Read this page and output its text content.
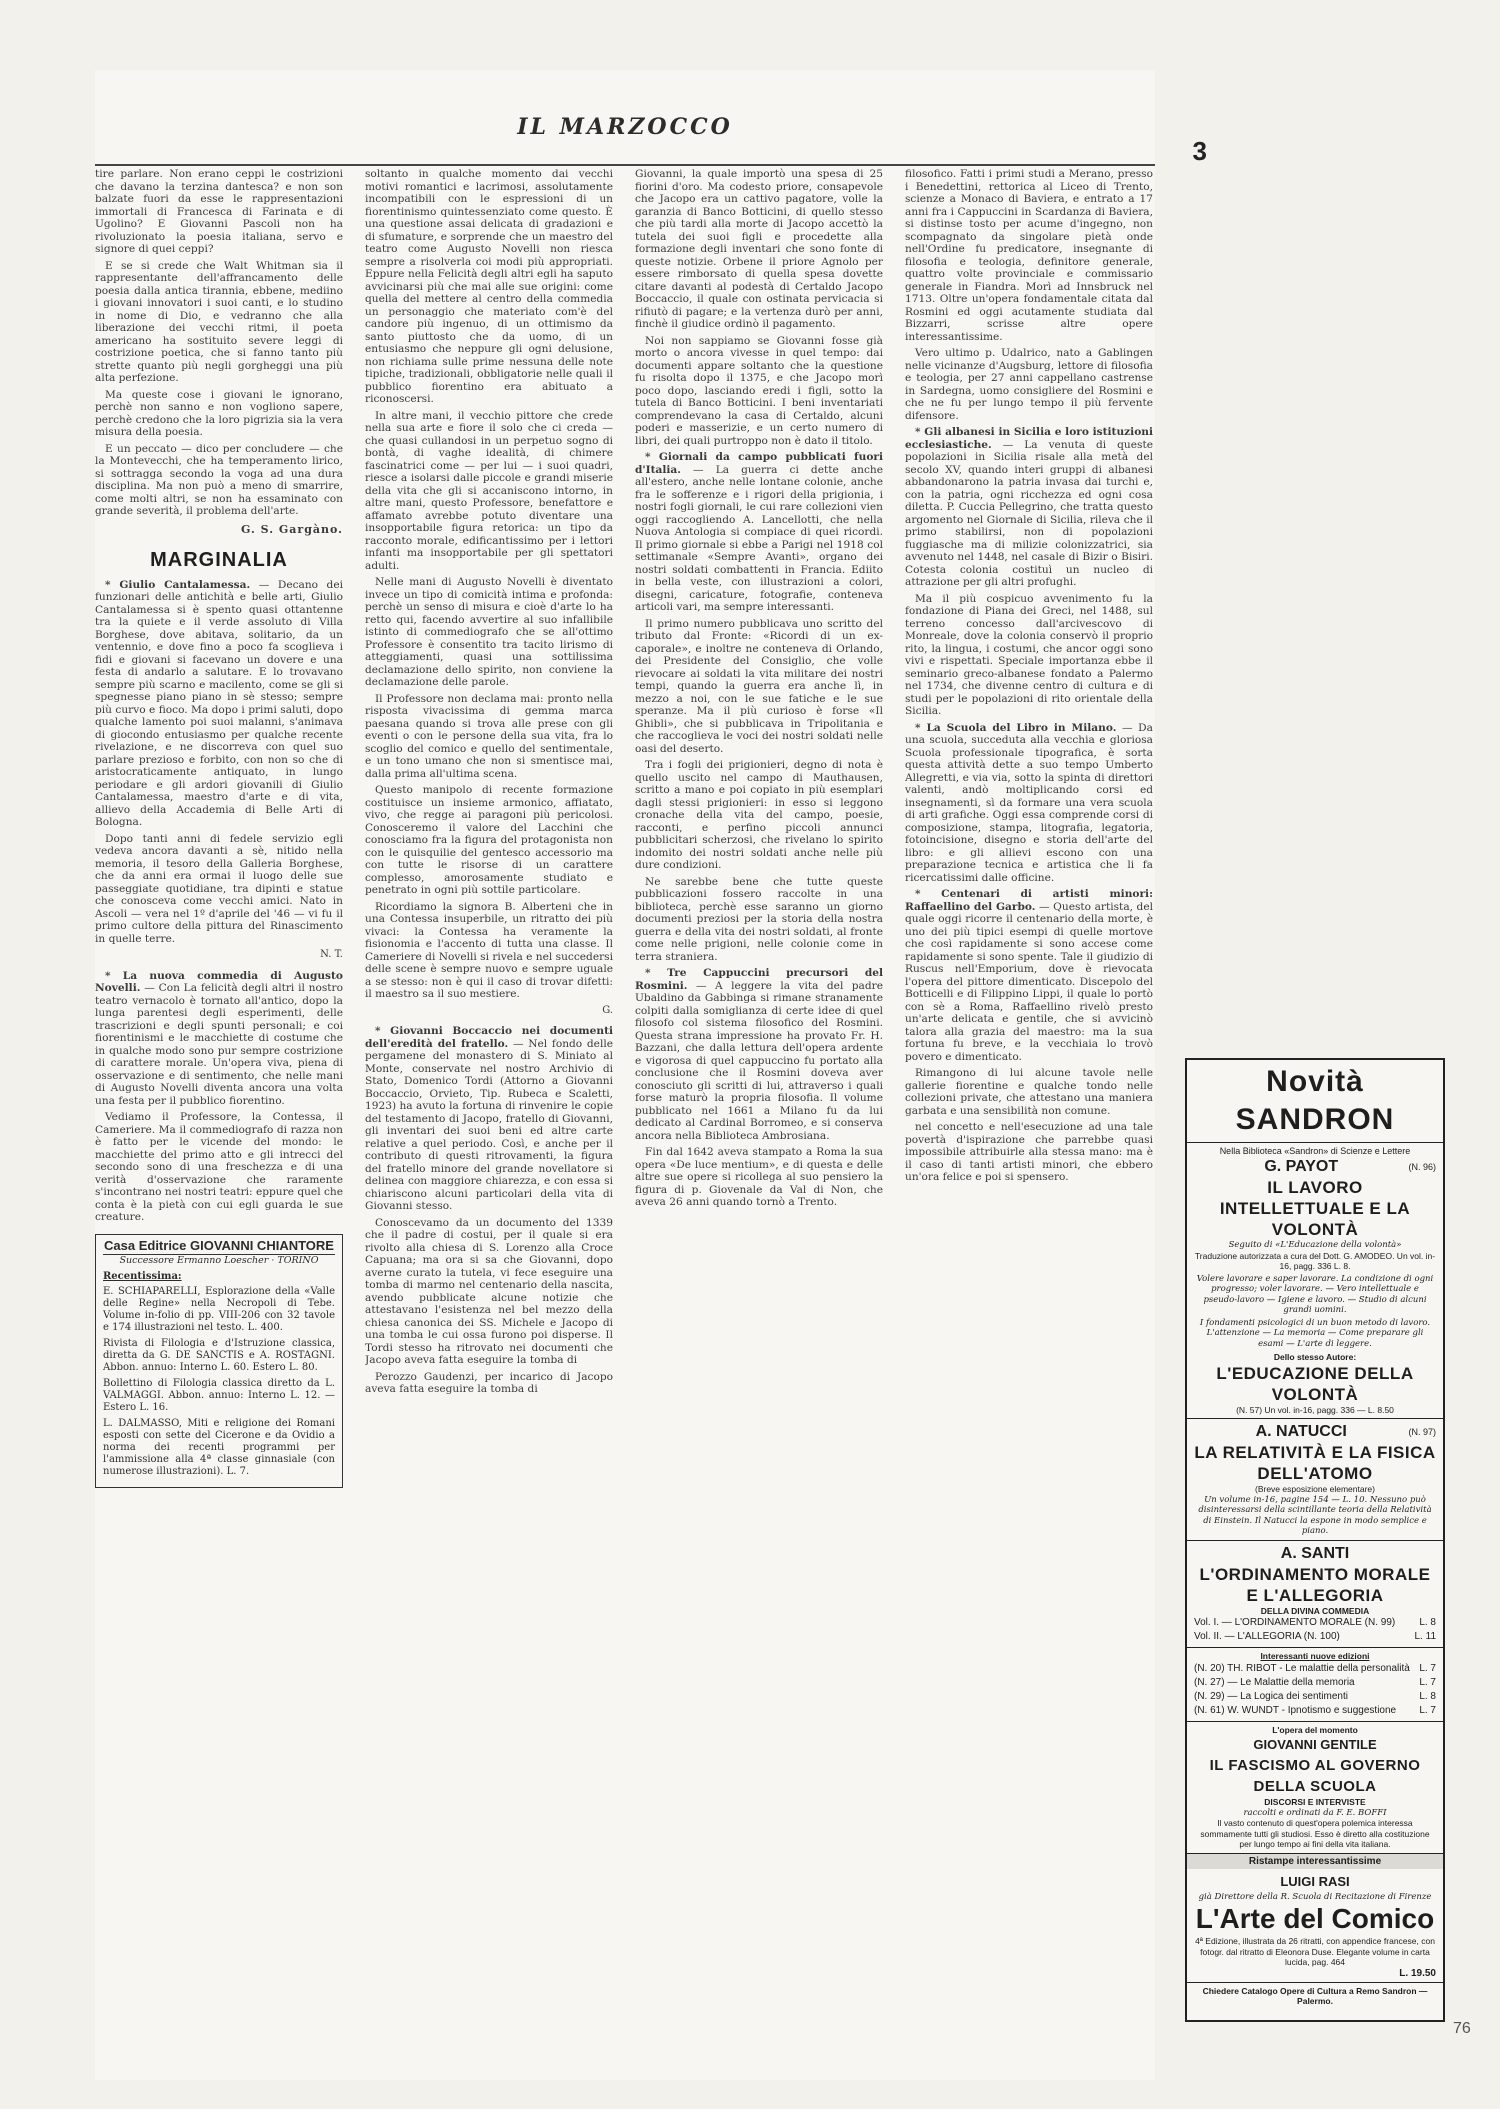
IL MARZOCCO
3

tire parlare. Non erano ceppi le costrizioni che davano la terzina dantesca? e non son balzate fuori da esse le rappresentazioni immortali di Francesca di Farinata e di Ugolino? E Giovanni Pascoli non ha rivoluzionato la poesia italiana, servo e signore di quei ceppi?

E se si crede che Walt Whitman sia il rappresentante dell'affrancamento delle poesia dalla antica tirannia, ebbene, mediino i giovani innovatori i suoi canti, e lo studino in nome di Dio, e vedranno che alla liberazione dei vecchi ritmi, il poeta americano ha sostituito severe leggi di costrizione poetica, che si fanno tanto più strette quanto più negli gorgheggi una più alta perfezione.

Ma queste cose i giovani le ignorano, perchè non sanno e non vogliono sapere, perchè credono che la loro pigrizia sia la vera misura della poesia.

E un peccato — dico per concludere — che la Montevecchi, che ha temperamento lirico, si sottragga secondo la voga ad una dura disciplina. Ma non può a meno di smarrire, come molti altri, se non ha essaminato con grande severità, il problema dell'arte.

G. S. Gargàno.
MARGINALIA

* Giulio Cantalamessa. — Decano dei funzionari delle antichità e belle arti, Giulio Cantalamessa si è spento quasi ottantenne tra la quiete e il verde assoluto di Villa Borghese, dove abitava, solitario, da un ventennio, e dove fino a poco fa scoglieva i fidi e giovani si facevano un dovere e una festa di andarlo a salutare. E lo trovavano sempre più scarno e macilento, come se gli si spegnesse piano piano in sè stesso; sempre più curvo e fioco. Ma dopo i primi saluti, dopo qualche lamento poi suoi malanni, s'animava di giocondo entusiasmo per qualche recente rivelazione, e ne discorreva con quel suo parlare prezioso e forbito, con non so che di aristocraticamente antiquato, in lungo periodare e gli ardori giovanili di Giulio Cantalamessa, maestro d'arte e di vita, allievo della Accademia di Belle Arti di Bologna.

Dopo tanti anni di fedele servizio egli vedeva ancora davanti a sè, nitido nella memoria, il tesoro della Galleria Borghese, che da anni era ormai il luogo delle sue passeggiate quotidiane, tra dipinti e statue che conosceva come vecchi amici. Nato in Ascoli — vera nel 1º d'aprile del '46 — vi fu il primo cultore della pittura del Rinascimento in quelle terre.

N. T.

* La nuova commedia di Augusto Novelli. — Con La felicità degli altri il nostro teatro vernacolo è tornato all'antico, dopo la lunga parentesi degli esperimenti, delle trascrizioni e degli spunti personali; e coi fiorentinismi e le macchiette di costume che in qualche modo sono pur sempre costrizione di carattere morale. Un'opera viva, piena di osservazione e di sentimento, che nelle mani di Augusto Novelli diventa ancora una volta una festa per il pubblico fiorentino.

Vediamo il Professore, la Contessa, il Cameriere. Ma il commediografo di razza non è fatto per le vicende del mondo: le macchiette del primo atto e gli intrecci del secondo sono di una freschezza e di una verità d'osservazione che raramente s'incontrano nei nostri teatri: eppure quel che conta è la pietà con cui egli guarda le sue creature.

Casa Editrice GIOVANNI CHIANTORE
Successore Ermanno Loescher · TORINO
Recentissima:

E. SCHIAPARELLI, Esplorazione della «Valle delle Regine» nella Necropoli di Tebe. Volume in-folio di pp. VIII-206 con 32 tavole e 174 illustrazioni nel testo. L. 400.

Rivista di Filologia e d'Istruzione classica, diretta da G. DE SANCTIS e A. ROSTAGNI. Abbon. annuo: Interno L. 60. Estero L. 80.

Bollettino di Filologia classica diretto da L. VALMAGGI. Abbon. annuo: Interno L. 12. — Estero L. 16.

L. DALMASSO, Miti e religione dei Romani esposti con sette del Cicerone e da Ovidio a norma dei recenti programmi per l'ammissione alla 4ª classe ginnasiale (con numerose illustrazioni). L. 7.

soltanto in qualche momento dai vecchi motivi romantici e lacrimosi, assolutamente incompatibili con le espressioni di un fiorentinismo quintessenziato come questo. È una questione assai delicata di gradazioni e di sfumature, e sorprende che un maestro del teatro come Augusto Novelli non riesca sempre a risolverla coi modi più appropriati. Eppure nella Felicità degli altri egli ha saputo avvicinarsi più che mai alle sue origini: come quella del mettere al centro della commedia un personaggio che materiato com'è del candore più ingenuo, di un ottimismo da santo piuttosto che da uomo, di un entusiasmo che neppure gli ogni delusione, non richiama sulle prime nessuna delle note tipiche, tradizionali, obbligatorie nelle quali il pubblico fiorentino era abituato a riconoscersi.

In altre mani, il vecchio pittore che crede nella sua arte e fiore il solo che ci creda — che quasi cullandosi in un perpetuo sogno di bontà, di vaghe idealità, di chimere fascinatrici come — per lui — i suoi quadri, riesce a isolarsi dalle piccole e grandi miserie della vita che gli si accaniscono intorno, in altre mani, questo Professore, benefattore e affamato avrebbe potuto diventare una insopportabile figura retorica: un tipo da racconto morale, edificantissimo per i lettori infanti ma insopportabile per gli spettatori adulti.

Nelle mani di Augusto Novelli è diventato invece un tipo di comicità intima e profonda: perchè un senso di misura e cioè d'arte lo ha retto qui, facendo avvertire al suo infallibile istinto di commediografo che se all'ottimo Professore è consentito tra tacito lirismo di atteggiamenti, quasi una sottilissima declamazione dello spirito, non conviene la declamazione delle parole.

Il Professore non declama mai: pronto nella risposta vivacissima di gemma marca paesana quando si trova alle prese con gli eventi o con le persone della sua vita, fra lo scoglio del comico e quello del sentimentale, e un tono umano che non si smentisce mai, dalla prima all'ultima scena.

Questo manipolo di recente formazione costituisce un insieme armonico, affiatato, vivo, che regge ai paragoni più pericolosi. Conosceremo il valore del Lacchini che conosciamo fra la figura del protagonista non con le quisquilie del gentesco accessorio ma con tutte le risorse di un carattere complesso, amorosamente studiato e penetrato in ogni più sottile particolare.

Ricordiamo la signora B. Alberteni che in una Contessa insuperbile, un ritratto dei più vivaci: la Contessa ha veramente la fisionomia e l'accento di tutta una classe. Il Cameriere di Novelli si rivela e nel succedersi delle scene è sempre nuovo e sempre uguale a se stesso: non è qui il caso di trovar difetti: il maestro sa il suo mestiere.

G.

* Giovanni Boccaccio nei documenti dell'eredità del fratello. — Nel fondo delle pergamene del monastero di S. Miniato al Monte, conservate nel nostro Archivio di Stato, Domenico Tordi (Attorno a Giovanni Boccaccio, Orvieto, Tip. Rubeca e Scaletti, 1923) ha avuto la fortuna di rinvenire le copie del testamento di Jacopo, fratello di Giovanni, gli inventari dei suoi beni ed altre carte relative a quel periodo. Così, e anche per il contributo di questi ritrovamenti, la figura del fratello minore del grande novellatore si delinea con maggiore chiarezza, e con essa si chiariscono alcuni particolari della vita di Giovanni stesso.

Conoscevamo da un documento del 1339 che il padre di costui, per il quale si era rivolto alla chiesa di S. Lorenzo alla Croce Capuana; ma ora si sa che Giovanni, dopo averne curato la tutela, vi fece eseguire una tomba di marmo nel centenario della nascita, avendo pubblicate alcune notizie che attestavano l'esistenza nel bel mezzo della chiesa canonica dei SS. Michele e Jacopo di una tomba le cui ossa furono poi disperse. Il Tordi stesso ha ritrovato nei documenti che Jacopo aveva fatta eseguire la tomba di

Perozzo Gaudenzi, per incarico di Jacopo aveva fatta eseguire la tomba di

Giovanni, la quale importò una spesa di 25 fiorini d'oro. Ma codesto priore, consapevole che Jacopo era un cattivo pagatore, volle la garanzia di Banco Botticini, di quello stesso che più tardi alla morte di Jacopo accettò la tutela dei suoi figli e procedette alla formazione degli inventari che sono fonte di queste notizie. Orbene il priore Agnolo per essere rimborsato di quella spesa dovette citare davanti al podestà di Certaldo Jacopo Boccaccio, il quale con ostinata pervicacia si rifiutò di pagare; e la vertenza durò per anni, finchè il giudice ordinò il pagamento.

Noi non sappiamo se Giovanni fosse già morto o ancora vivesse in quel tempo: dai documenti appare soltanto che la questione fu risolta dopo il 1375, e che Jacopo morì poco dopo, lasciando eredi i figli, sotto la tutela di Banco Botticini. I beni inventariati comprendevano la casa di Certaldo, alcuni poderi e masserizie, e un certo numero di libri, dei quali purtroppo non è dato il titolo.

* Giornali da campo pubblicati fuori d'Italia. — La guerra ci dette anche all'estero, anche nelle lontane colonie, anche fra le sofferenze e i rigori della prigionia, i nostri fogli giornali, le cui rare collezioni vien oggi raccogliendo A. Lancellotti, che nella Nuova Antologia si compiace di quei ricordi. Il primo giornale si ebbe a Parigi nel 1918 col settimanale «Sempre Avanti», organo dei nostri soldati combattenti in Francia. Ediito in bella veste, con illustrazioni a colori, disegni, caricature, fotografie, conteneva articoli vari, ma sempre interessanti.

Il primo numero pubblicava uno scritto del tributo dal Fronte: «Ricordi di un ex-caporale», e inoltre ne conteneva di Orlando, dei Presidente del Consiglio, che volle rievocare ai soldati la vita militare dei nostri tempi, quando la guerra era anche lì, in mezzo a noi, con le sue fatiche e le sue speranze. Ma il più curioso è forse «Il Ghibli», che si pubblicava in Tripolitania e che raccoglieva le voci dei nostri soldati nelle oasi del deserto.

Tra i fogli dei prigionieri, degno di nota è quello uscito nel campo di Mauthausen, scritto a mano e poi copiato in più esemplari dagli stessi prigionieri: in esso si leggono cronache della vita del campo, poesie, racconti, e perfino piccoli annunci pubblicitari scherzosi, che rivelano lo spirito indomito dei nostri soldati anche nelle più dure condizioni.

Ne sarebbe bene che tutte queste pubblicazioni fossero raccolte in una biblioteca, perchè esse saranno un giorno documenti preziosi per la storia della nostra guerra e della vita dei nostri soldati, al fronte come nelle prigioni, nelle colonie come in terra straniera.

* Tre Cappuccini precursori del Rosmini. — A leggere la vita del padre Ubaldino da Gabbinga si rimane stranamente colpiti dalla somiglianza di certe idee di quel filosofo col sistema filosofico del Rosmini. Questa strana impressione ha provato Fr. H. Bazzani, che dalla lettura dell'opera ardente e vigorosa di quel cappuccino fu portato alla conclusione che il Rosmini doveva aver conosciuto gli scritti di lui, attraverso i quali forse maturò la propria filosofia. Il volume pubblicato nel 1661 a Milano fu da lui dedicato al Cardinal Borromeo, e si conserva ancora nella Biblioteca Ambrosiana.

Fin dal 1642 aveva stampato a Roma la sua opera «De luce mentium», e di questa e delle altre sue opere si ricollega al suo pensiero la figura di p. Giovenale da Val di Non, che aveva 26 anni quando tornò a Trento.

filosofico. Fatti i primi studi a Merano, presso i Benedettini, rettorica al Liceo di Trento, scienze a Monaco di Baviera, e entrato a 17 anni fra i Cappuccini in Scardanza di Baviera, si distinse tosto per acume d'ingegno, non scompagnato da singolare pietà onde nell'Ordine fu predicatore, insegnante di filosofia e teologia, definitore generale, quattro volte provinciale e commissario generale in Fiandra. Morì ad Innsbruck nel 1713. Oltre un'opera fondamentale citata dal Rosmini ed oggi acutamente studiata dal Bizzarri, scrisse altre opere interessantissime.

Vero ultimo p. Udalrico, nato a Gablingen nelle vicinanze d'Augsburg, lettore di filosofia e teologia, per 27 anni cappellano castrense in Sardegna, uomo consigliere del Rosmini e che ne fu per lungo tempo il più fervente difensore.

* Gli albanesi in Sicilia e loro istituzioni ecclesiastiche. — La venuta di queste popolazioni in Sicilia risale alla metà del secolo XV, quando interi gruppi di albanesi abbandonarono la patria invasa dai turchi e, con la patria, ogni ricchezza ed ogni cosa diletta. P. Cuccia Pellegrino, che tratta questo argomento nel Giornale di Sicilia, rileva che il primo stabilirsi, non di popolazioni fuggiasche ma di milizie colonizzatrici, sia avvenuto nel 1448, nel casale di Bizir o Bisiri. Cotesta colonia costituì un nucleo di attrazione per gli altri profughi.

Ma il più cospicuo avvenimento fu la fondazione di Piana dei Greci, nel 1488, sul terreno concesso dall'arcivescovo di Monreale, dove la colonia conservò il proprio rito, la lingua, i costumi, che ancor oggi sono vivi e rispettati. Speciale importanza ebbe il seminario greco-albanese fondato a Palermo nel 1734, che divenne centro di cultura e di studi per le popolazioni di rito orientale della Sicilia.

* La Scuola del Libro in Milano. — Da una scuola, succeduta alla vecchia e gloriosa Scuola professionale tipografica, è sorta questa attività dette a suo tempo Umberto Allegretti, e via via, sotto la spinta di direttori valenti, andò moltiplicando corsi ed insegnamenti, sì da formare una vera scuola di arti grafiche. Oggi essa comprende corsi di composizione, stampa, litografia, legatoria, fotoincisione, disegno e storia dell'arte del libro: e gli allievi escono con una preparazione tecnica e artistica che li fa ricercatissimi dalle officine.

* Centenari di artisti minori: Raffaellino del Garbo. — Questo artista, del quale oggi ricorre il centenario della morte, è uno dei più tipici esempi di quelle mortove che così rapidamente si sono accese come rapidamente si sono spente. Tale il giudizio di Ruscus nell'Emporium, dove è rievocata l'opera del pittore dimenticato. Discepolo del Botticelli e di Filippino Lippi, il quale lo portò con sè a Roma, Raffaellino rivelò presto un'arte delicata e gentile, che si avvicinò talora alla grazia del maestro: ma la sua fortuna fu breve, e la vecchiaia lo trovò povero e dimenticato.

Rimangono di lui alcune tavole nelle gallerie fiorentine e qualche tondo nelle collezioni private, che attestano una maniera garbata e una sensibilità non comune.

nel concetto e nell'esecuzione ad una tale povertà d'ispirazione che parrebbe quasi impossibile attribuirle alla stessa mano: ma è il caso di tanti artisti minori, che ebbero un'ora felice e poi si spensero.

Novità SANDRON
Nella Biblioteca «Sandron» di Scienze e Lettere
G. PAYOT	(N. 96)
IL LAVORO INTELLETTUALE E LA VOLONTÀ
Seguito di «L'Educazione della volontà»
Traduzione autorizzata a cura del Dott. G. AMODEO. Un vol. in-16, pagg. 336 L. 8.
Volere lavorare e saper lavorare. La condizione di ogni progresso; voler lavorare. — Vero intellettuale e pseudo-lavoro — Igiene e lavoro. — Studio di alcuni grandi uomini.
I fondamenti psicologici di un buon metodo di lavoro. L'attenzione — La memoria — Come preparare gli esami — L'arte di leggere.
Dello stesso Autore:
L'EDUCAZIONE DELLA VOLONTÀ
(N. 57) Un vol. in-16, pagg. 336 — L. 8.50
A. NATUCCI	(N. 97)
LA RELATIVITÀ E LA FISICA DELL'ATOMO
(Breve esposizione elementare)
Un volume in-16, pagine 154 — L. 10. Nessuno può disinteressarsi della scintillante teoria della Relatività di Einstein. Il Natucci la espone in modo semplice e piano.
A. SANTI
L'ORDINAMENTO MORALE E L'ALLEGORIA
DELLA DIVINA COMMEDIA
Vol. I. — L'ORDINAMENTO MORALE (N. 99) L. 8
Vol. II. — L'ALLEGORIA (N. 100)	L. 11
Interessanti nuove edizioni
(N. 20) TH. RIBOT - Le malattie della personalità L. 7
(N. 27) — Le Malattie della memoria	L. 7
(N. 29) — La Logica dei sentimenti	L. 8
(N. 61) W. WUNDT - Ipnotismo e suggestione L. 7
L'opera del momento
GIOVANNI GENTILE
IL FASCISMO AL GOVERNO DELLA SCUOLA
DISCORSI E INTERVISTE
raccolti e ordinati da F. E. BOFFI
Il vasto contenuto di quest'opera polemica interessa sommamente tutti gli studiosi. Esso è diretto alla costituzione per lungo tempo ai fini della vita italiana.
Ristampe interessantissime
LUIGI RASI
già Direttore della R. Scuola di Recitazione di Firenze
L'Arte del Comico
4ª Edizione, illustrata da 26 ritratti, con appendice francese, con fotogr. dal ritratto di Eleonora Duse. Elegante volume in carta lucida, pag. 464
L. 19.50
Chiedere Catalogo Opere di Cultura a Remo Sandron — Palermo.
76
